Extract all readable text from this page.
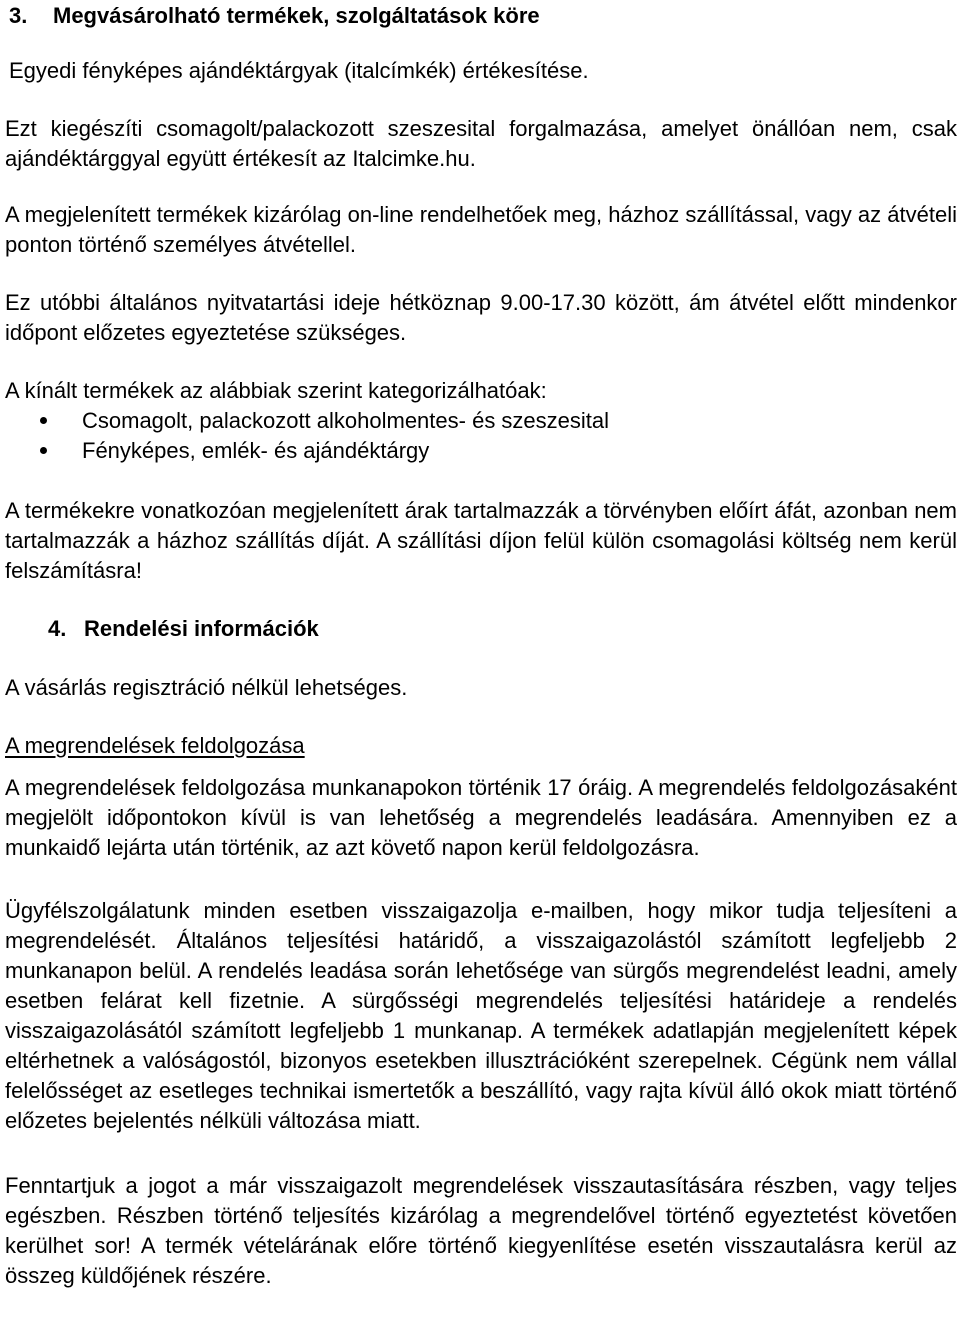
3.	Megvásárolható termékek, szolgáltatások köre

Egyedi fényképes ajándéktárgyak (italcímkék) értékesítése.

Ezt kiegészíti csomagolt/palackozott szeszesital forgalmazása, amelyet önállóan nem, csak ajándéktárggyal együtt értékesít az Italcimke.hu.

A megjelenített termékek kizárólag on-line rendelhetőek meg, házhoz szállítással, vagy az átvételi ponton történő személyes átvétellel.

Ez utóbbi általános nyitvatartási ideje hétköznap 9.00-17.30 között, ám átvétel előtt mindenkor időpont előzetes egyeztetése szükséges.

A kínált termékek az alábbiak szerint kategorizálhatóak:

Csomagolt, palackozott alkoholmentes- és szeszesital
Fényképes, emlék- és ajándéktárgy

A termékekre vonatkozóan megjelenített árak tartalmazzák a törvényben előírt áfát, azonban nem tartalmazzák a házhoz szállítás díját. A szállítási díjon felül külön csomagolási költség nem kerül felszámításra!

4. Rendelési információk

A vásárlás regisztráció nélkül lehetséges.

A megrendelések feldolgozása

A megrendelések feldolgozása munkanapokon történik 17 óráig. A megrendelés feldolgozásaként megjelölt időpontokon kívül is van lehetőség a megrendelés leadására. Amennyiben ez a munkaidő lejárta után történik, az azt követő napon kerül feldolgozásra.

Ügyfélszolgálatunk minden esetben visszaigazolja e-mailben, hogy mikor tudja teljesíteni a megrendelését. Általános teljesítési határidő, a visszaigazolástól számított legfeljebb 2 munkanapon belül. A rendelés leadása során lehetősége van sürgős megrendelést leadni, amely esetben felárat kell fizetnie. A sürgősségi megrendelés teljesítési határideje a rendelés visszaigazolásától számított legfeljebb 1 munkanap. A termékek adatlapján megjelenített képek eltérhetnek a valóságostól, bizonyos esetekben illusztrációként szerepelnek. Cégünk nem vállal felelősséget az esetleges technikai ismertetők a beszállító, vagy rajta kívül álló okok miatt történő előzetes bejelentés nélküli változása miatt.

Fenntartjuk a jogot a már visszaigazolt megrendelések visszautasítására részben, vagy teljes egészben. Részben történő teljesítés kizárólag a megrendelővel történő egyeztetést követően kerülhet sor! A termék vételárának előre történő kiegyenlítése esetén visszautalásra kerül az összeg küldőjének részére.
